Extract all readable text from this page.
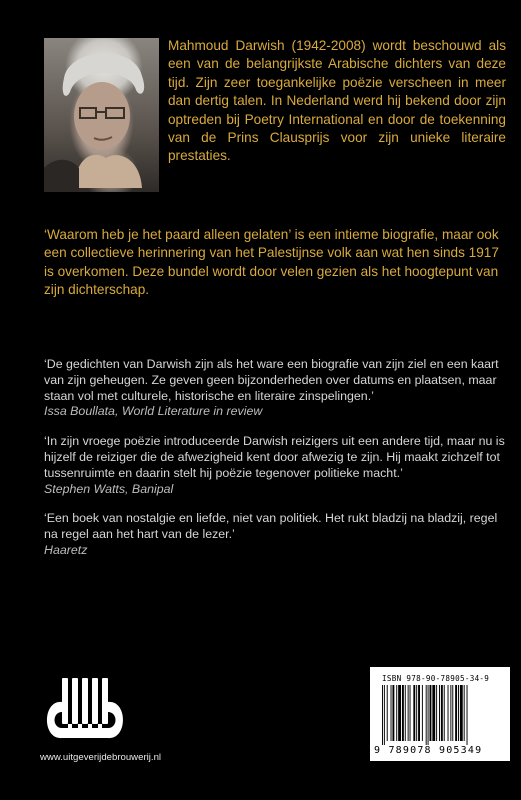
Mahmoud Darwish (1942-2008) wordt beschouwd als een van de belangrijkste Arabische dichters van deze tijd. Zijn zeer toegankelijke poëzie verscheen in meer dan dertig talen. In Nederland werd hij bekend door zijn optreden bij Poetry International en door de toekenning van de Prins Clausprijs voor zijn unieke literaire prestaties.
‘Waarom heb je het paard alleen gelaten’ is een intieme biografie, maar ook een collectieve herinnering van het Palestijnse volk aan wat hen sinds 1917 is overkomen. Deze bundel wordt door velen gezien als het hoogtepunt van zijn dichterschap.

‘De gedichten van Darwish zijn als het ware een biografie van zijn ziel en een kaart van zijn geheugen. Ze geven geen bijzonderheden over datums en plaatsen, maar staan vol met culturele, historische en literaire zinspelingen.’

Issa Boullata, World Literature in review

‘In zijn vroege poëzie introduceerde Darwish reizigers uit een andere tijd, maar nu is hijzelf de reiziger die de afwezigheid kent door afwezig te zijn. Hij maakt zichzelf tot tussenruimte en daarin stelt hij poëzie tegenover politieke macht.’

Stephen Watts, Banipal

‘Een boek van nostalgie en liefde, niet van politiek. Het rukt bladzij na bladzij, regel na regel aan het hart van de lezer.’

Haaretz

www.uitgeverijdebrouwerij.nl
ISBN 978-90-78905-34-9
9 789078 905349
